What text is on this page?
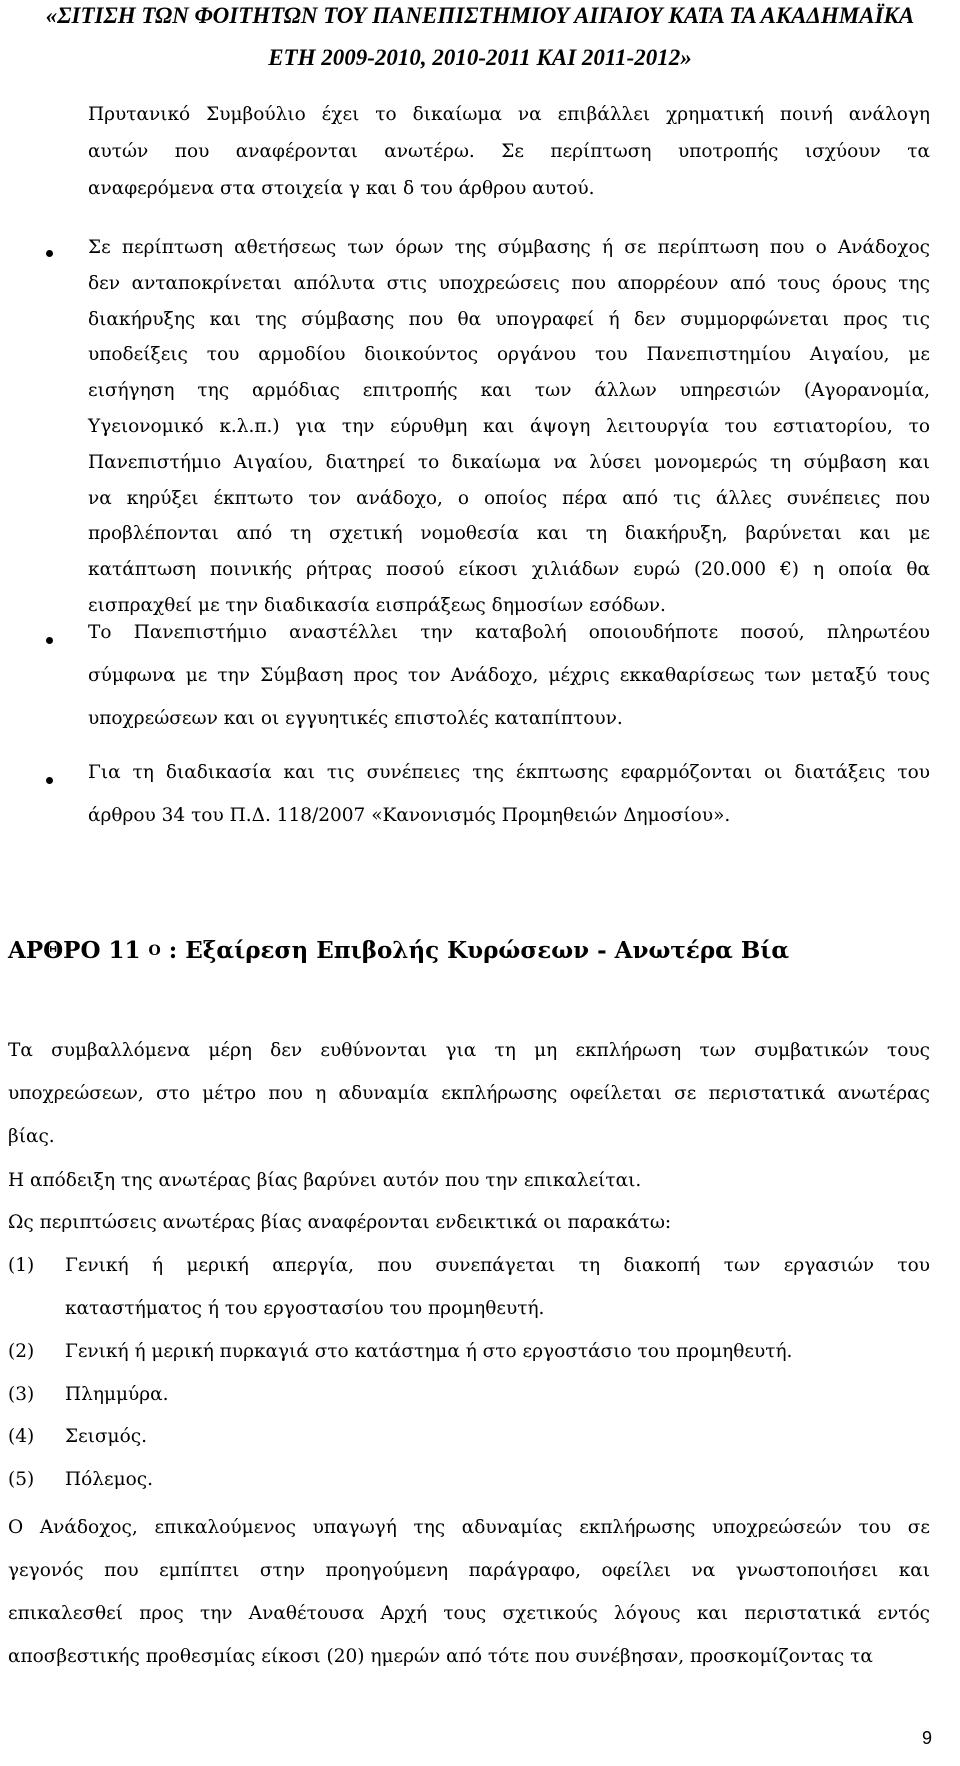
«ΣΙΤΙΣΗ ΤΩΝ ΦΟΙΤΗΤΩΝ ΤΟΥ ΠΑΝΕΠΙΣΤΗΜΙΟΥ ΑΙΓΑΙΟΥ ΚΑΤΑ ΤΑ ΑΚΑΔΗΜΑΪΚΑ
ΕΤΗ 2009-2010, 2010-2011 ΚΑΙ 2011-2012»
Πρυτανικό Συμβούλιο έχει το δικαίωμα να επιβάλλει χρηματική ποινή ανάλογη
αυτών που αναφέρονται ανωτέρω. Σε περίπτωση υποτροπής ισχύουν τα
αναφερόμενα στα στοιχεία γ και δ του άρθρου αυτού.
Σε περίπτωση αθετήσεως των όρων της σύμβασης ή σε περίπτωση που ο Ανάδοχος
δεν ανταποκρίνεται απόλυτα στις υποχρεώσεις που απορρέουν από τους όρους της
διακήρυξης και της σύμβασης που θα υπογραφεί ή δεν συμμορφώνεται προς τις
υποδείξεις του αρμοδίου διοικούντος οργάνου του Πανεπιστημίου Αιγαίου, με
εισήγηση της αρμόδιας επιτροπής και των άλλων υπηρεσιών (Αγορανομία,
Υγειονομικό κ.λ.π.) για την εύρυθμη και άψογη λειτουργία του εστιατορίου, το
Πανεπιστήμιο Αιγαίου, διατηρεί το δικαίωμα να λύσει μονομερώς τη σύμβαση και
να κηρύξει έκπτωτο τον ανάδοχο, ο οποίος πέρα από τις άλλες συνέπειες που
προβλέπονται από τη σχετική νομοθεσία και τη διακήρυξη, βαρύνεται και με
κατάπτωση ποινικής ρήτρας ποσού είκοσι χιλιάδων ευρώ (20.000 €) η οποία θα
εισπραχθεί με την διαδικασία εισπράξεως δημοσίων εσόδων.
Το Πανεπιστήμιο αναστέλλει την καταβολή οποιουδήποτε ποσού, πληρωτέου
σύμφωνα με την Σύμβαση προς τον Ανάδοχο, μέχρις εκκαθαρίσεως των μεταξύ τους
υποχρεώσεων και οι εγγυητικές επιστολές καταπίπτουν.
Για τη διαδικασία και τις συνέπειες της έκπτωσης εφαρμόζονται οι διατάξεις του
άρθρου 34 του Π.Δ. 118/2007 «Κανονισμός Προμηθειών Δημοσίου».
ΑΡΘΡΟ 11 $^O$ : Εξαίρεση Επιβολής Κυρώσεων - Ανωτέρα Βία
Τα συμβαλλόμενα μέρη δεν ευθύνονται για τη μη εκπλήρωση των συμβατικών τους
υποχρεώσεων, στο μέτρο που η αδυναμία εκπλήρωσης οφείλεται σε περιστατικά ανωτέρας
βίας.
Η απόδειξη της ανωτέρας βίας βαρύνει αυτόν που την επικαλείται.
Ως περιπτώσεις ανωτέρας βίας αναφέρονται ενδεικτικά οι παρακάτω:
(1) Γενική ή μερική απεργία, που συνεπάγεται τη διακοπή των εργασιών του
καταστήματος ή του εργοστασίου του προμηθευτή.
(2) Γενική ή μερική πυρκαγιά στο κατάστημα ή στο εργοστάσιο του προμηθευτή.
(3) Πλημμύρα.
(4) Σεισμός.
(5) Πόλεμος.
Ο Ανάδοχος, επικαλούμενος υπαγωγή της αδυναμίας εκπλήρωσης υποχρεώσεών του σε
γεγονός που εμπίπτει στην προηγούμενη παράγραφο, οφείλει να γνωστοποιήσει και
επικαλεσθεί προς την Αναθέτουσα Αρχή τους σχετικούς λόγους και περιστατικά εντός
αποσβεστικής προθεσμίας είκοσι (20) ημερών από τότε που συνέβησαν, προσκομίζοντας τα
9
